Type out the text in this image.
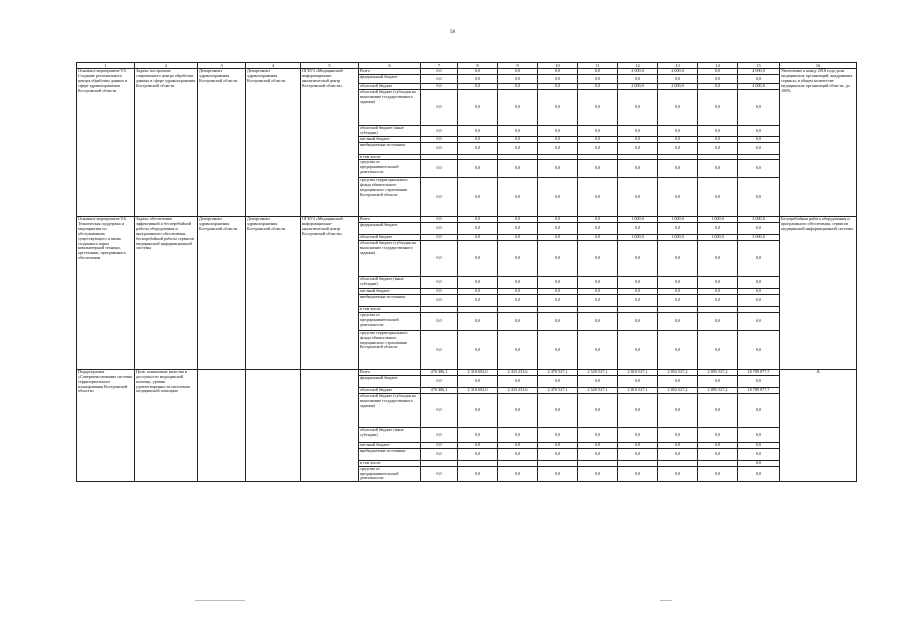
58
1	2	3	4	5	6	7	8	9	10	11	12	13	14	15	16
Основное мероприятие 9.5. Создание регионального центра обработки данных в сфере здравоохранения Костромской области	Задача: построение современного центра обработки данных в сфере здравоохранения Костромской области	Департамент здравоохранения Костромской области	Департамент здравоохранения Костромской области	ОГБУЗ «Медицинский информационно-аналитический центр Костромской области»	Всего	0,0	0,0	0,0	0,0	0,0	2 000,0	2 000,0	0,0	4 000,0	Увеличение к концу 2018 года доли медицинских организаций, внедривших сервисы, в общем количестве медицинских организаций области, до 100%
					федеральный бюджет	0,0	0,0	0,0	0,0	0,0	0,0	0,0	0,0	0,0	
					областной бюджет	0,0	0,0	0,0	0,0	0,0	2 000,0	2 000,0	0,0	4 000,0	
					областной бюджет (субсидия на выполнение государственного задания)	0,0	0,0	0,0	0,0	0,0	0,0	0,0	0,0	0,0	
					областной бюджет (иные субсидии)	0,0	0,0	0,0	0,0	0,0	0,0	0,0	0,0	0,0	
					местный бюджет	0,0	0,0	0,0	0,0	0,0	0,0	0,0	0,0	0,0	
					внебюджетные источники	0,0	0,0	0,0	0,0	0,0	0,0	0,0	0,0	0,0	
					в том числе:										
					средства от предпринимательской деятельности	0,0	0,0	0,0	0,0	0,0	0,0	0,0	0,0	0,0	
					средства территориального фонда обязательного медицинского страхования Костромской области	0,0	0,0	0,0	0,0	0,0	0,0	0,0	0,0	0,0	
Основное мероприятие 9.6. Техническая поддержка и мероприятия по обслуживанию существующего и вновь созданного парка компьютерной техники, оргтехники, программного обеспечения	Задача: обеспечение эффективной и бесперебойной работы оборудования и программного обеспечения, бесперебойной работы сервисов медицинской информационной системы	Департамент здравоохранения Костромской области	Департамент здравоохранения Костромской области	ОГБУЗ «Медицинский информационно-аналитический центр Костромской области»	Всего	0,0	0,0	0,0	0,0	0,0	1 000,0	1 000,0	1 000,0	3 000,0	Бесперебойная работа оборудования и программного обеспечения, сервисов медицинской информационной системы
					федеральный бюджет	0,0	0,0	0,0	0,0	0,0	0,0	0,0	0,0	0,0	
					областной бюджет	0,0	0,0	0,0	0,0	0,0	1 000,0	1 000,0	1 000,0	3 000,0	
					областной бюджет (субсидия на выполнение государственного задания)	0,0	0,0	0,0	0,0	0,0	0,0	0,0	0,0	0,0	
					областной бюджет (иные субсидии)	0,0	0,0	0,0	0,0	0,0	0,0	0,0	0,0	0,0	
					местный бюджет	0,0	0,0	0,0	0,0	0,0	0,0	0,0	0,0	0,0	
					внебюджетные источники	0,0	0,0	0,0	0,0	0,0	0,0	0,0	0,0	0,0	
					в том числе:										
					средства от предпринимательской деятельности	0,0	0,0	0,0	0,0	0,0	0,0	0,0	0,0	0,0	
					средства территориального фонда обязательного медицинского страхования Костромской области	0,0	0,0	0,0	0,0	0,0	0,0	0,0	0,0	0,0	
Подпрограмма «Совершенствование системы территориального планирования Костромской области»	Цель: повышение качества и доступности медицинской помощи, уровня удовлетворенности населения медицинской помощью				Всего	470 406,1	2 318 602,0	2 433 233,6	2 479 527,1	2 529 527,1	2 810 527,1	2 852 527,2	2 895 527,2	18 789 877,7	X
					федеральный бюджет	0,0	0,0	0,0	0,0	0,0	0,0	0,0	0,0	0,0	
					областной бюджет	470 406,1	2 318 602,0	2 433 233,6	2 479 527,1	2 529 527,1	2 810 527,1	2 852 527,2	2 895 527,2	18 789 877,7	
					областной бюджет (субсидия на выполнение государственного задания)	0,0	0,0	0,0	0,0	0,0	0,0	0,0	0,0	0,0	
					областной бюджет (иные субсидии)	0,0	0,0	0,0	0,0	0,0	0,0	0,0	0,0	0,0	
					местный бюджет	0,0	0,0	0,0	0,0	0,0	0,0	0,0	0,0	0,0	
					внебюджетные источники	0,0	0,0	0,0	0,0	0,0	0,0	0,0	0,0	0,0	
					в том числе:									0,0	
					средства от предпринимательской деятельности	0,0	0,0	0,0	0,0	0,0	0,0	0,0	0,0	0,0	
